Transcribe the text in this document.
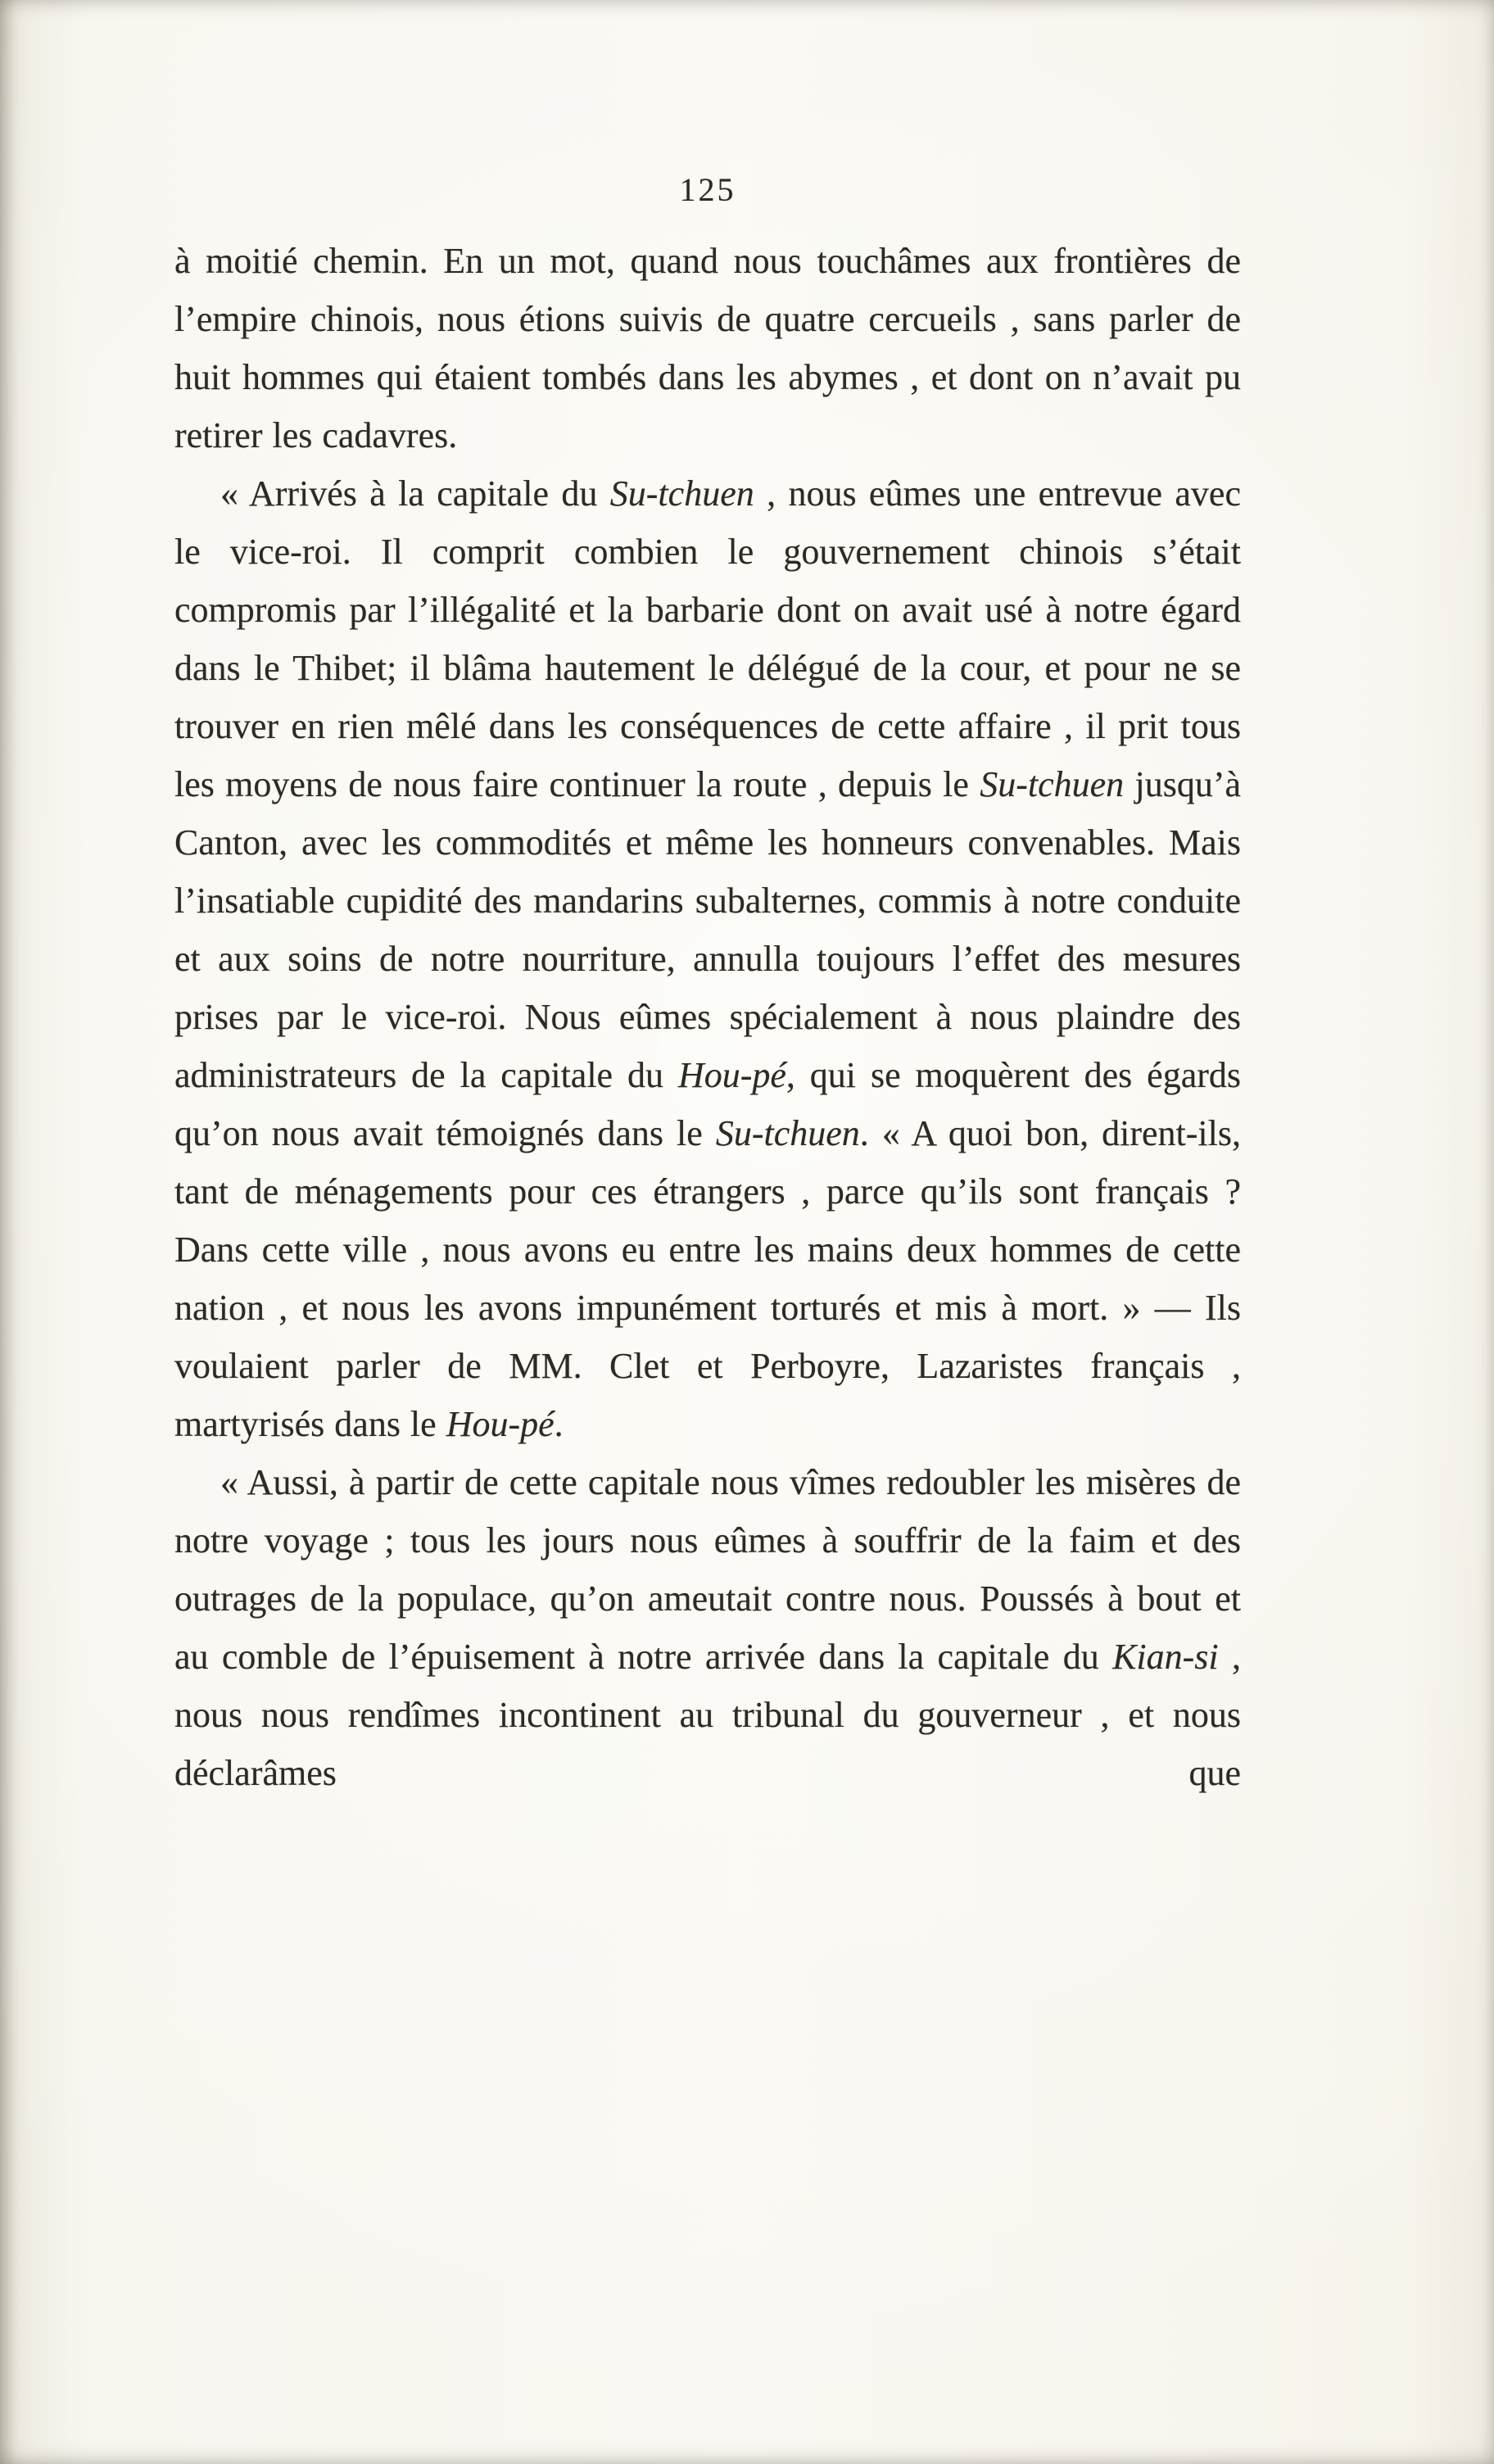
125

à moitié chemin. En un mot, quand nous touchâmes aux frontières de l’empire chinois, nous étions suivis de quatre cercueils , sans parler de huit hommes qui étaient tombés dans les abymes , et dont on n’avait pu retirer les cadavres.

« Arrivés à la capitale du Su-tchuen , nous eûmes une entrevue avec le vice-roi. Il comprit combien le gouvernement chinois s’était compromis par l’illégalité et la barbarie dont on avait usé à notre égard dans le Thibet; il blâma hautement le délégué de la cour, et pour ne se trouver en rien mêlé dans les conséquences de cette affaire , il prit tous les moyens de nous faire continuer la route , depuis le Su-tchuen jusqu’à Canton, avec les commodités et même les honneurs convenables. Mais l’insatiable cupidité des mandarins subalternes, commis à notre conduite et aux soins de notre nourriture, annulla toujours l’effet des mesures prises par le vice-roi. Nous eûmes spécialement à nous plaindre des administrateurs de la capitale du Hou-pé, qui se moquèrent des égards qu’on nous avait témoignés dans le Su-tchuen. « A quoi bon, dirent-ils, tant de ménagements pour ces étrangers , parce qu’ils sont français ? Dans cette ville , nous avons eu entre les mains deux hommes de cette nation , et nous les avons impunément torturés et mis à mort. » — Ils voulaient parler de MM. Clet et Perboyre, Lazaristes français , martyrisés dans le Hou-pé.

« Aussi, à partir de cette capitale nous vîmes redoubler les misères de notre voyage ; tous les jours nous eûmes à souffrir de la faim et des outrages de la populace, qu’on ameutait contre nous. Poussés à bout et au comble de l’épuisement à notre arrivée dans la capitale du Kian-si , nous nous rendîmes incontinent au tribunal du gouverneur , et nous déclarâmes que
